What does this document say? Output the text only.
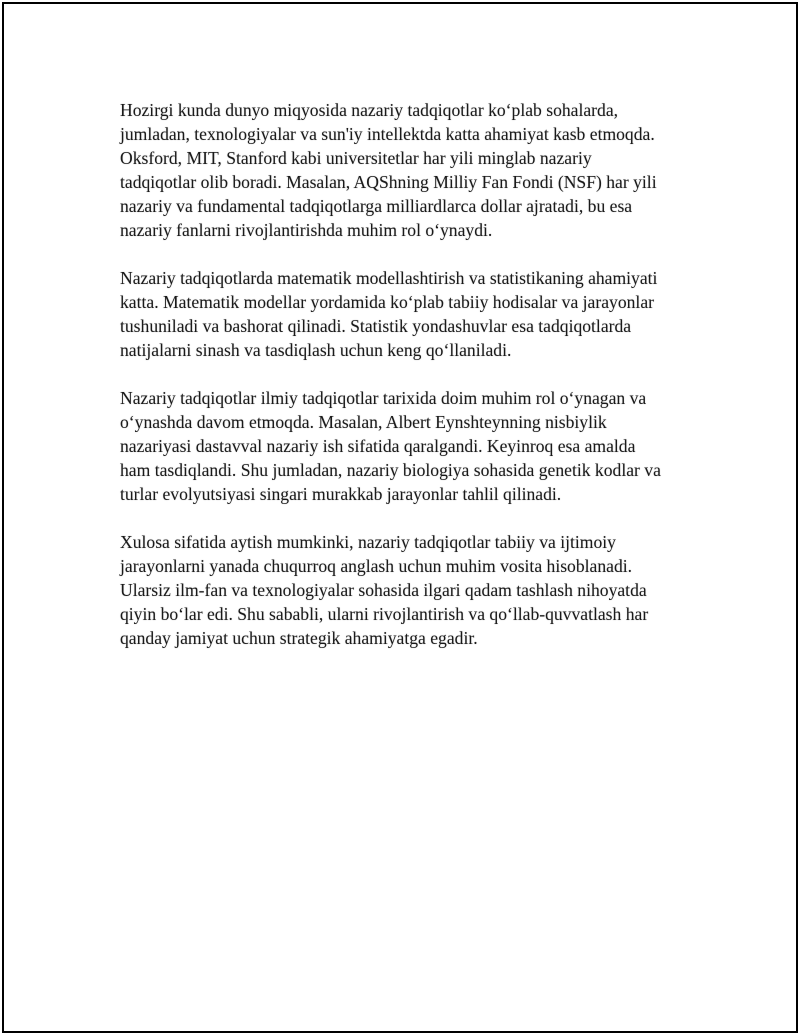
Hozirgi kunda dunyo miqyosida nazariy tadqiqotlar ko‘plab sohalarda,
jumladan, texnologiyalar va sun'iy intellektda katta ahamiyat kasb etmoqda.
Oksford, MIT, Stanford kabi universitetlar har yili minglab nazariy
tadqiqotlar olib boradi. Masalan, AQShning Milliy Fan Fondi (NSF) har yili
nazariy va fundamental tadqiqotlarga milliardlarca dollar ajratadi, bu esa
nazariy fanlarni rivojlantirishda muhim rol o‘ynaydi.

Nazariy tadqiqotlarda matematik modellashtirish va statistikaning ahamiyati
katta. Matematik modellar yordamida ko‘plab tabiiy hodisalar va jarayonlar
tushuniladi va bashorat qilinadi. Statistik yondashuvlar esa tadqiqotlarda
natijalarni sinash va tasdiqlash uchun keng qo‘llaniladi.

Nazariy tadqiqotlar ilmiy tadqiqotlar tarixida doim muhim rol o‘ynagan va
o‘ynashda davom etmoqda. Masalan, Albert Eynshteynning nisbiylik
nazariyasi dastavval nazariy ish sifatida qaralgandi. Keyinroq esa amalda
ham tasdiqlandi. Shu jumladan, nazariy biologiya sohasida genetik kodlar va
turlar evolyutsiyasi singari murakkab jarayonlar tahlil qilinadi.

Xulosa sifatida aytish mumkinki, nazariy tadqiqotlar tabiiy va ijtimoiy
jarayonlarni yanada chuqurroq anglash uchun muhim vosita hisoblanadi.
Ularsiz ilm-fan va texnologiyalar sohasida ilgari qadam tashlash nihoyatda
qiyin bo‘lar edi. Shu sababli, ularni rivojlantirish va qo‘llab-quvvatlash har
qanday jamiyat uchun strategik ahamiyatga egadir.
